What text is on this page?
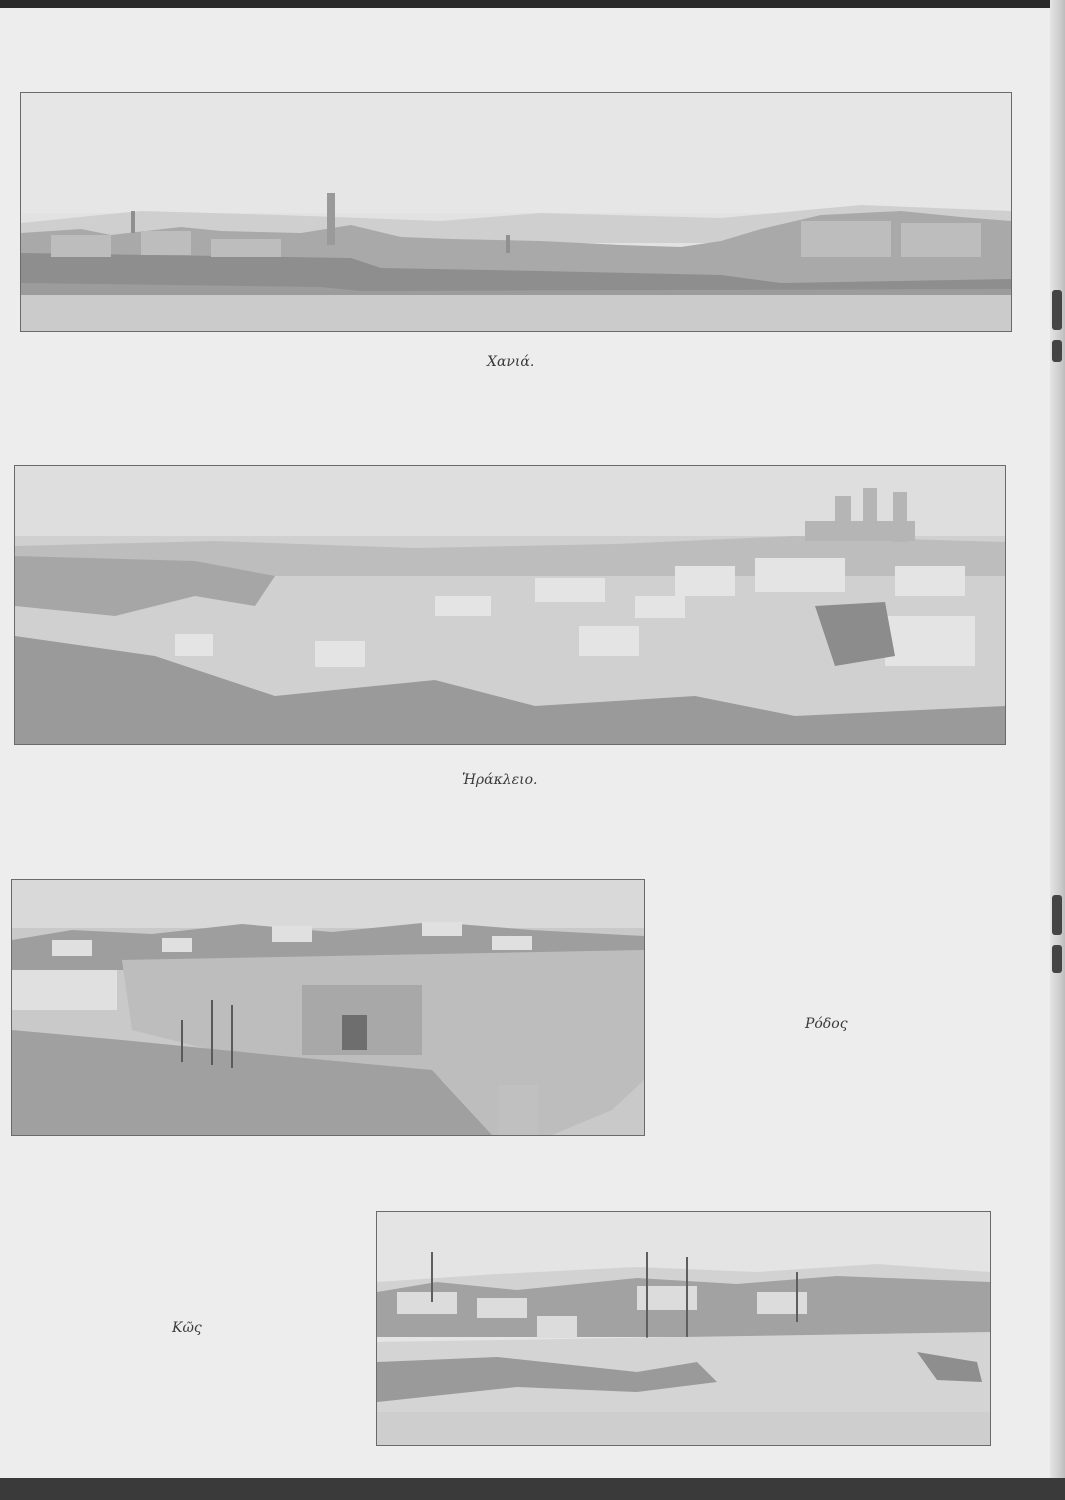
Χανιά.
Ἡράκλειο.
Ρόδος
Κῶς
